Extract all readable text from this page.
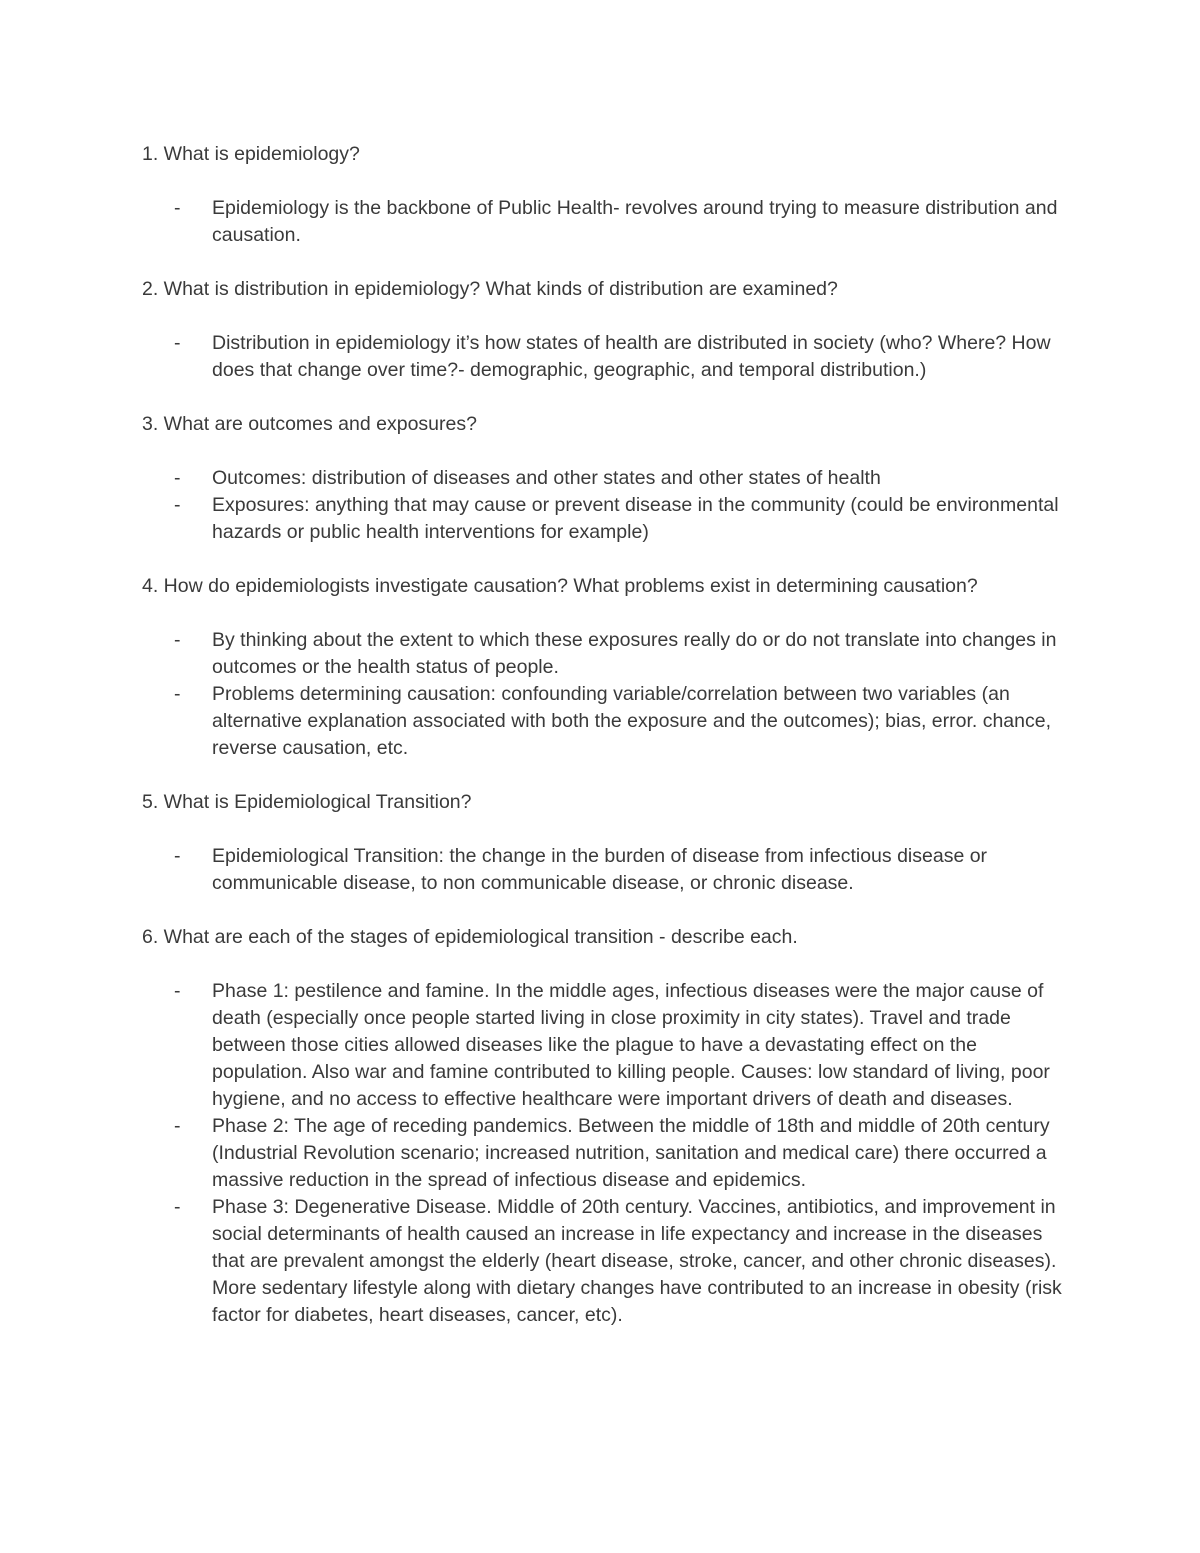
1. What is epidemiology?

- Epidemiology is the backbone of Public Health- revolves around trying to measure distribution and causation.

2. What is distribution in epidemiology? What kinds of distribution are examined?

- Distribution in epidemiology it’s how states of health are distributed in society (who? Where? How does that change over time?- demographic, geographic, and temporal distribution.)

3. What are outcomes and exposures?

- Outcomes: distribution of diseases and other states and other states of health
- Exposures: anything that may cause or prevent disease in the community (could be environmental hazards or public health interventions for example)

4. How do epidemiologists investigate causation? What problems exist in determining causation?

- By thinking about the extent to which these exposures really do or do not translate into changes in outcomes or the health status of people.
- Problems determining causation: confounding variable/correlation between two variables (an alternative explanation associated with both the exposure and the outcomes); bias, error. chance, reverse causation, etc.

5. What is Epidemiological Transition?

- Epidemiological Transition: the change in the burden of disease from infectious disease or communicable disease, to non communicable disease, or chronic disease.

6. What are each of the stages of epidemiological transition - describe each.

- Phase 1: pestilence and famine. In the middle ages, infectious diseases were the major cause of death (especially once people started living in close proximity in city states). Travel and trade between those cities allowed diseases like the plague to have a devastating effect on the population. Also war and famine contributed to killing people. Causes: low standard of living, poor hygiene, and no access to effective healthcare were important drivers of death and diseases.
- Phase 2: The age of receding pandemics. Between the middle of 18th and middle of 20th century (Industrial Revolution scenario; increased nutrition, sanitation and medical care) there occurred a massive reduction in the spread of infectious disease and epidemics.
- Phase 3: Degenerative Disease. Middle of 20th century. Vaccines, antibiotics, and improvement in social determinants of health caused an increase in life expectancy and increase in the diseases that are prevalent amongst the elderly (heart disease, stroke, cancer, and other chronic diseases). More sedentary lifestyle along with dietary changes have contributed to an increase in obesity (risk factor for diabetes, heart diseases, cancer, etc).
